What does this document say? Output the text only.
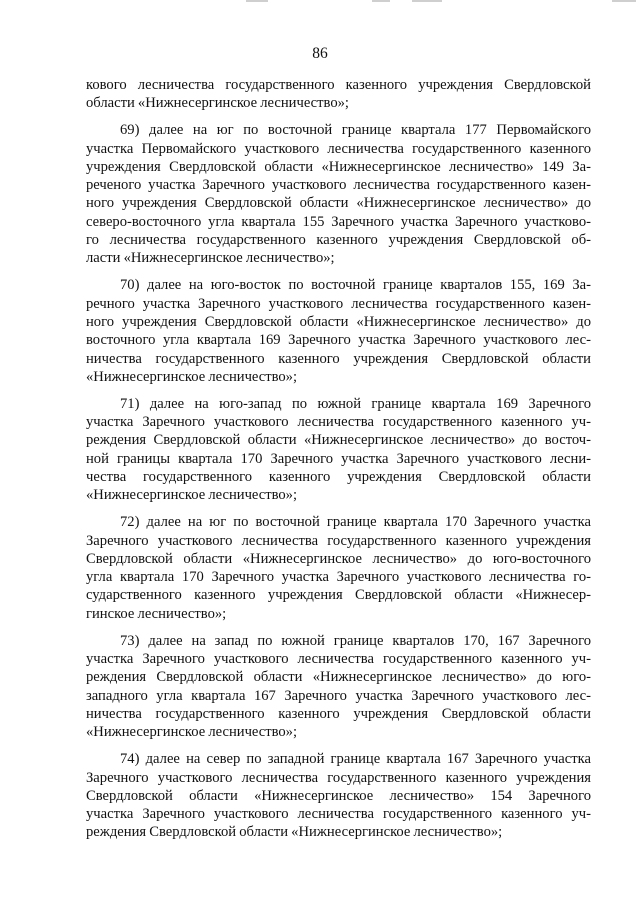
86
кового лесничества государственного казенного учреждения Свердловской
области «Нижнесергинское лесничество»;
69) далее на юг по восточной границе квартала 177 Первомайского
участка Первомайского участкового лесничества государственного казенного
учреждения Свердловской области «Нижнесергинское лесничество» 149 За-
реченого участка Заречного участкового лесничества государственного казен-
ного учреждения Свердловской области «Нижнесергинское лесничество» до
северо-восточного угла квартала 155 Заречного участка Заречного участково-
го лесничества государственного казенного учреждения Свердловской об-
ласти «Нижнесергинское лесничество»;
70) далее на юго-восток по восточной границе кварталов 155, 169 За-
речного участка Заречного участкового лесничества государственного казен-
ного учреждения Свердловской области «Нижнесергинское лесничество» до
восточного угла квартала 169 Заречного участка Заречного участкового лес-
ничества государственного казенного учреждения Свердловской области
«Нижнесергинское лесничество»;
71) далее на юго-запад по южной границе квартала 169 Заречного
участка Заречного участкового лесничества государственного казенного уч-
реждения Свердловской области «Нижнесергинское лесничество» до восточ-
ной границы квартала 170 Заречного участка Заречного участкового лесни-
чества государственного казенного учреждения Свердловской области
«Нижнесергинское лесничество»;
72) далее на юг по восточной границе квартала 170 Заречного участка
Заречного участкового лесничества государственного казенного учреждения
Свердловской области «Нижнесергинское лесничество» до юго-восточного
угла квартала 170 Заречного участка Заречного участкового лесничества го-
сударственного казенного учреждения Свердловской области «Нижнесер-
гинское лесничество»;
73) далее на запад по южной границе кварталов 170, 167 Заречного
участка Заречного участкового лесничества государственного казенного уч-
реждения Свердловской области «Нижнесергинское лесничество» до юго-
западного угла квартала 167 Заречного участка Заречного участкового лес-
ничества государственного казенного учреждения Свердловской области
«Нижнесергинское лесничество»;
74) далее на север по западной границе квартала 167 Заречного участка
Заречного участкового лесничества государственного казенного учреждения
Свердловской области «Нижнесергинское лесничество» 154 Заречного
участка Заречного участкового лесничества государственного казенного уч-
реждения Свердловской области «Нижнесергинское лесничество»;
